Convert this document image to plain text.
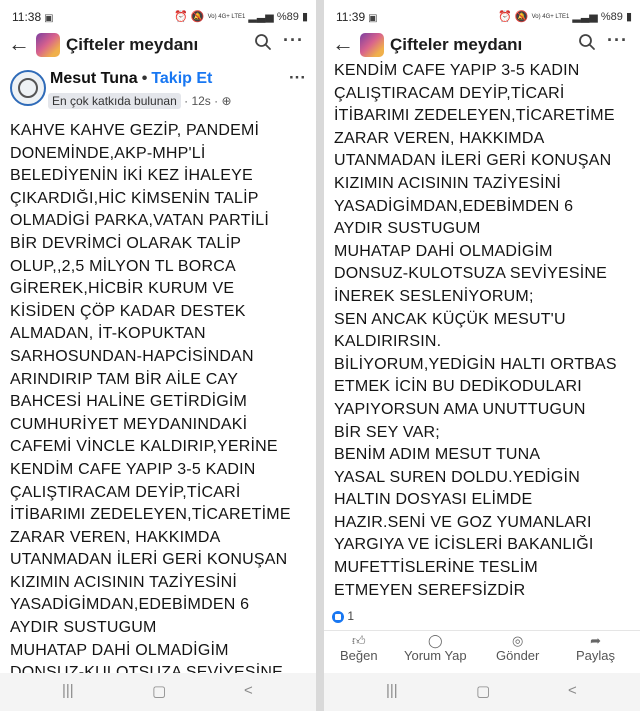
11:38 ▣	⏰ 🔕 Vo) 4G+ LTE1 ▂▃▅ %89 ▮
← Çifteler meydanı	···
Mesut Tuna • Takip Et	···
En çok katkıda bulunan · 12s · ⊕
KAHVE KAHVE GEZİP, PANDEMİ
DONEMİNDE,AKP-MHP'Lİ
BELEDİYENİN İKİ KEZ İHALEYE
ÇIKARDIĞI,HİC KİMSENİN TALİP
OLMADİGİ PARKA,VATAN PARTİLİ
BİR DEVRİMCİ OLARAK TALİP
OLUP,,2,5 MİLYON TL BORCA
GİREREK,HİCBİR KURUM VE
KİSİDEN ÇÖP KADAR DESTEK
ALMADAN, İT-KOPUKTAN
SARHOSUNDAN-HAPCİSİNDAN
ARINDIRIP TAM BİR AİLE CAY
BAHCESİ HALİNE GETİRDİGİM
CUMHURİYET MEYDANINDAKİ
CAFEMİ VİNCLE KALDIRIP,YERİNE
KENDİM CAFE YAPIP 3-5 KADIN
ÇALIŞTIRACAM DEYİP,TİCARİ
İTİBARIMI ZEDELEYEN,TİCARETİME
ZARAR VEREN, HAKKIMDA
UTANMADAN İLERİ GERİ KONUŞAN
KIZIMIN ACISININ TAZİYESİNİ
YASADİGİMDAN,EDEBİMDEN 6
AYDIR SUSTUGUM
MUHATAP DAHİ OLMADİGİM
|||	▢	<
11:39 ▣	⏰ 🔕 Vo) 4G+ LTE1 ▂▃▅ %89 ▮
← Çifteler meydanı	···
KENDİM CAFE YAPIP 3-5 KADIN
ÇALIŞTIRACAM DEYİP,TİCARİ
İTİBARIMI ZEDELEYEN,TİCARETİME
ZARAR VEREN, HAKKIMDA
UTANMADAN İLERİ GERİ KONUŞAN
KIZIMIN ACISININ TAZİYESİNİ
YASADİGİMDAN,EDEBİMDEN 6
AYDIR SUSTUGUM
MUHATAP DAHİ OLMADİGİM
DONSUZ-KULOTSUZA SEVİYESİNE
İNEREK SESLENİYORUM;
SEN ANCAK KÜÇÜK MESUT'U
KALDIRIRSIN.
BİLİYORUM,YEDİGİN HALTI ORTBAS
ETMEK İCİN BU DEDİKODULARI
YAPIYORSUN AMA UNUTTUGUN
BİR SEY VAR;
BENİM ADIM MESUT TUNA
YASAL SUREN DOLDU.YEDİGİN
HALTIN DOSYASI ELİMDE
HAZIR.SENİ VE GOZ YUMANLARI
YARGIYA VE İCİSLERİ BAKANLIĞI
MUFETTİSLERİNE TESLİM
ETMEYEN SEREFSİZDİR
1
👍︎
Beğen
◯
Yorum Yap
◎
Gönder
➦
Paylaş
|||	▢	<
